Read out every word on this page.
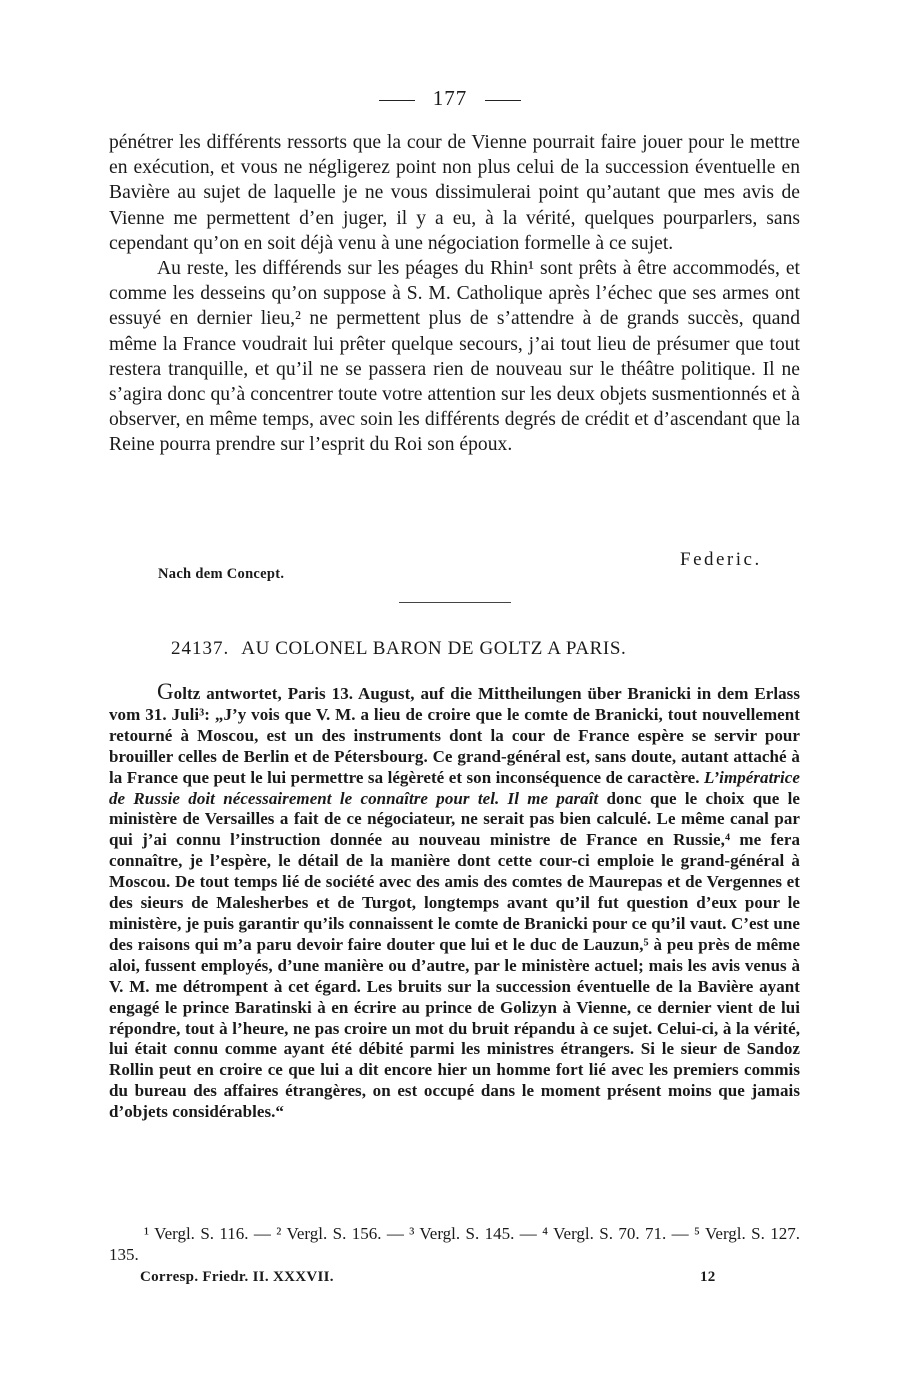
177

pénétrer les différents ressorts que la cour de Vienne pourrait faire jouer pour le mettre en exécution, et vous ne négligerez point non plus celui de la succession éventuelle en Bavière au sujet de laquelle je ne vous dissimulerai point qu’autant que mes avis de Vienne me permettent d’en juger, il y a eu, à la vérité, quelques pourparlers, sans cependant qu’on en soit déjà venu à une négociation formelle à ce sujet.

Au reste, les différends sur les péages du Rhin¹ sont prêts à être accommodés, et comme les desseins qu’on suppose à S. M. Catholique après l’échec que ses armes ont essuyé en dernier lieu,² ne permettent plus de s’attendre à de grands succès, quand même la France voudrait lui prêter quelque secours, j’ai tout lieu de présumer que tout restera tranquille, et qu’il ne se passera rien de nouveau sur le théâtre politique. Il ne s’agira donc qu’à concentrer toute votre attention sur les deux objets susmentionnés et à observer, en même temps, avec soin les différents degrés de crédit et d’ascendant que la Reine pourra prendre sur l’esprit du Roi son époux.

Federic.
Nach dem Concept.
24137. AU COLONEL BARON DE GOLTZ A PARIS.

Goltz antwortet, Paris 13. August, auf die Mittheilungen über Branicki in dem Erlass vom 31. Juli³: „J’y vois que V. M. a lieu de croire que le comte de Branicki, tout nouvellement retourné à Moscou, est un des instruments dont la cour de France espère se servir pour brouiller celles de Berlin et de Pétersbourg. Ce grand-général est, sans doute, autant attaché à la France que peut le lui permettre sa légèreté et son inconséquence de caractère. L’impératrice de Russie doit nécessairement le connaître pour tel. Il me paraît donc que le choix que le ministère de Versailles a fait de ce négociateur, ne serait pas bien calculé. Le même canal par qui j’ai connu l’instruction donnée au nouveau ministre de France en Russie,⁴ me fera connaître, je l’espère, le détail de la manière dont cette cour-ci emploie le grand-général à Moscou. De tout temps lié de société avec des amis des comtes de Maurepas et de Vergennes et des sieurs de Malesherbes et de Turgot, longtemps avant qu’il fut question d’eux pour le ministère, je puis garantir qu’ils connaissent le comte de Branicki pour ce qu’il vaut. C’est une des raisons qui m’a paru devoir faire douter que lui et le duc de Lauzun,⁵ à peu près de même aloi, fussent employés, d’une manière ou d’autre, par le ministère actuel; mais les avis venus à V. M. me détrompent à cet égard. Les bruits sur la succession éventuelle de la Bavière ayant engagé le prince Baratinski à en écrire au prince de Golizyn à Vienne, ce dernier vient de lui répondre, tout à l’heure, ne pas croire un mot du bruit répandu à ce sujet. Celui-ci, à la vérité, lui était connu comme ayant été débité parmi les ministres étrangers. Si le sieur de Sandoz Rollin peut en croire ce que lui a dit encore hier un homme fort lié avec les premiers commis du bureau des affaires étrangères, on est occupé dans le moment présent moins que jamais d’objets considérables.“

¹ Vergl. S. 116. — ² Vergl. S. 156. — ³ Vergl. S. 145. — ⁴ Vergl. S. 70. 71. — ⁵ Vergl. S. 127. 135.

Corresp. Friedr. II. XXXVII.	12
